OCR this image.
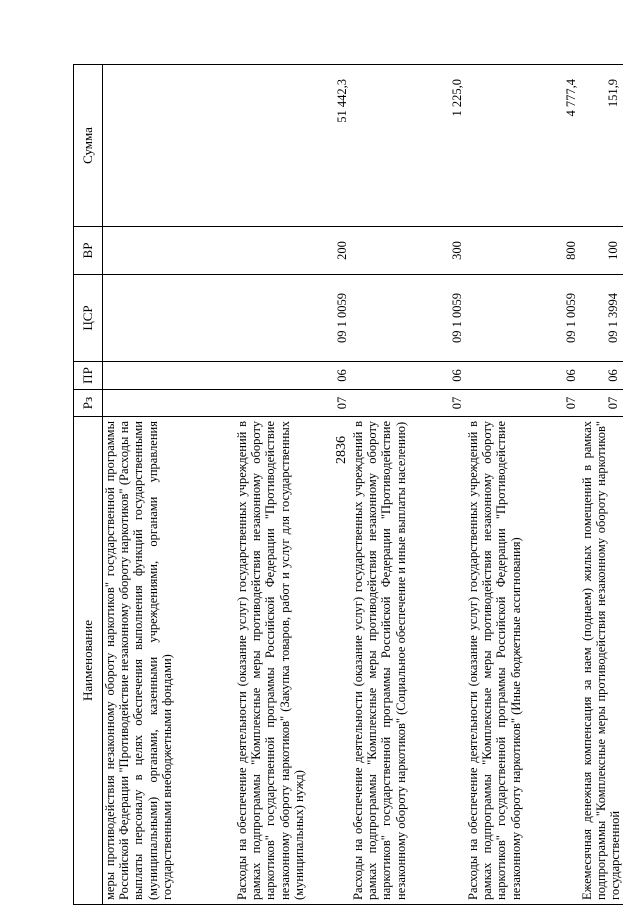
2836
Наименование	Рз	ПР	ЦСР	ВР	Сумма
меры противодействия незаконному обороту наркотиков" государственной программы Российской Федерации "Противодействие незаконному обороту наркотиков" (Расходы на выплаты персоналу в целях обеспечения выполнения функций государственными (муниципальными) органами, казенными учреждениями, органами управления государственными внебюджетными фондами)					
Расходы на обеспечение деятельности (оказание услуг) государственных учреждений в рамках подпрограммы "Комплексные меры противодействия незаконному обороту наркотиков" государственной программы Российской Федерации "Противодействие незаконному обороту наркотиков" (Закупка товаров, работ и услуг для государственных (муниципальных) нужд)	07	06	09 1 0059	200	51 442,3
Расходы на обеспечение деятельности (оказание услуг) государственных учреждений в рамках подпрограммы "Комплексные меры противодействия незаконному обороту наркотиков" государственной программы Российской Федерации "Противодействие незаконному обороту наркотиков" (Социальное обеспечение и иные выплаты населению)	07	06	09 1 0059	300	1 225,0
Расходы на обеспечение деятельности (оказание услуг) государственных учреждений в рамках подпрограммы "Комплексные меры противодействия незаконному обороту наркотиков" государственной программы Российской Федерации "Противодействие незаконному обороту наркотиков" (Иные бюджетные ассигнования)	07	06	09 1 0059	800	4 777,4
Ежемесячная денежная компенсация за наем (поднаем) жилых помещений в рамках подпрограммы "Комплексные меры противодействия незаконному обороту наркотиков" государственной	07	06	09 1 3994	100	151,9
